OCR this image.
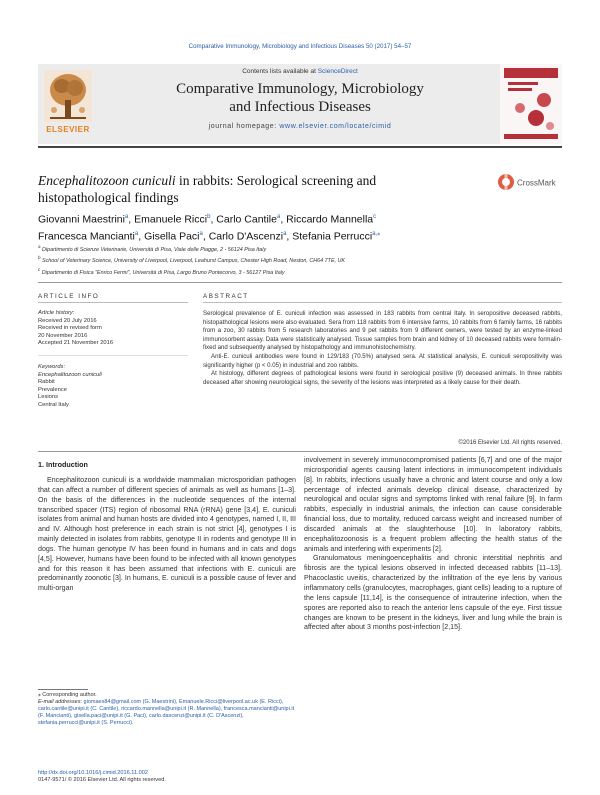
Comparative Immunology, Microbiology and Infectious Diseases 50 (2017) 54–57
ELSEVIER
Contents lists available at ScienceDirect
Comparative Immunology, Microbiology
and Infectious Diseases
journal homepage: www.elsevier.com/locate/cimid
Encephalitozoon cuniculi in rabbits: Serological screening and
histopathological findings
CrossMark
Giovanni Maestrini$^a$, Emanuele Ricci$^b$, Carlo Cantile$^a$, Riccardo Mannella$^c$
Francesca Mancianti$^a$, Gisella Paci$^a$, Carlo D'Ascenzi$^a$, Stefania Perrucci$^{a,⁎}$
$^a$ Dipartimento di Scienze Veterinarie, Università di Pisa, Viale delle Piagge, 2 - 56124 Pisa Italy
$^b$ School of Veterinary Science, University of Liverpool, Liverpool, Leahurst Campus, Chester High Road, Neston, CH64 7TE, UK
$^c$ Dipartimento di Fisica "Enrico Fermi", Università di Pisa, Largo Bruno Pontecorvo, 3 - 56127 Pisa Italy
ARTICLE INFO
Article history:
Received 20 July 2016
Received in revised form
20 November 2016
Accepted 21 November 2016
Keywords:
Encephalitozoon cuniculi
Rabbit
Prevalence
Lesions
Central Italy
ABSTRACT

Serological prevalence of E. cuniculi infection was assessed in 183 rabbits from central Italy. In seropositive deceased rabbits, histopathological lesions were also evaluated. Sera from 118 rabbits from 6 intensive farms, 10 rabbits from 6 family farms, 16 rabbits from a zoo, 30 rabbits from 5 research laboratories and 9 pet rabbits from 9 different owners, were tested by an enzyme-linked immunosorbent assay. Data were statistically analysed. Tissue samples from brain and kidney of 10 deceased rabbits were formalin-fixed and subsequently analysed by histopathology and immunohistochemistry.

Anti-E. cuniculi antibodies were found in 129/183 (70.5%) analysed sera. At statistical analysis, E. cuniculi seropositivity was significantly higher (p < 0.05) in industrial and zoo rabbits.

At histology, different degrees of pathological lesions were found in serological positive (9) deceased animals. In three rabbits deceased after showing neurological signs, the severity of the lesions was interpreted as a likely cause for their death.

©2016 Elsevier Ltd. All rights reserved.
1. Introduction

Encephalitozoon cuniculi is a worldwide mammalian microsporidian pathogen that can affect a number of different species of animals as well as humans [1–3]. On the basis of the differences in the nucleotide sequences of the internal transcribed spacer (ITS) region of ribosomal RNA (rRNA) gene [3,4], E. cuniculi isolates from animal and human hosts are divided into 4 genotypes, named I, II, III and IV. Although host preference in each strain is not strict [4], genotypes I is mainly detected in isolates from rabbits, genotype II in rodents and genotype III in dogs. The human genotype IV has been found in humans and in cats and dogs [4,5]. However, humans have been found to be infected with all known genotypes and for this reason it has been assumed that infections with E. cuniculi are predominantly zoonotic [3]. In humans, E. cuniculi is a possible cause of fever and multi-organ

involvement in severely immunocompromised patients [6,7] and one of the major microsporidial agents causing latent infections in immunocompetent individuals [8]. In rabbits, infections usually have a chronic and latent course and only a low percentage of infected animals develop clinical disease, characterized by neurological and ocular signs and symptoms linked with renal failure [9]. In farm rabbits, especially in industrial animals, the infection can cause considerable financial loss, due to mortality, reduced carcass weight and increased number of discarded animals at the slaughterhouse [10]. In laboratory rabbits, encephalitozoonosis is a frequent problem affecting the health status of the animals and interfering with experiments [2].

Granulomatous meningoencephalitis and chronic interstitial nephritis and fibrosis are the typical lesions observed in infected deceased rabbits [11–13]. Phacoclastic uveitis, characterized by the infiltration of the eye lens by various inflammatory cells (granulocytes, macrophages, giant cells) leading to a rupture of the lens capsule [11,14], is the consequence of intrauterine infection, when the spores are reported also to reach the anterior lens capsule of the eye. First tissue changes are known to be present in the kidneys, liver and lung while the brain is affected after about 3 months post-infection [2,15].

⁎ Corresponding author.
E-mail addresses: giomaes84@gmail.com (G. Maestrini), Emanuele.Ricci@liverpool.ac.uk (E. Ricci), carlo.cantile@unipi.it (C. Cantile), riccardo.mannella@unipi.it (R. Mannella), francesca.mancianti@unipi.it (F. Mancianti), gisella.paci@unipi.it (G. Paci), carlo.dascenzi@unipi.it (C. D'Ascenzi), stefania.perrucci@unipi.it (S. Perrucci).
http://dx.doi.org/10.1016/j.cimid.2016.11.002
0147-9571/ © 2016 Elsevier Ltd. All rights reserved.
